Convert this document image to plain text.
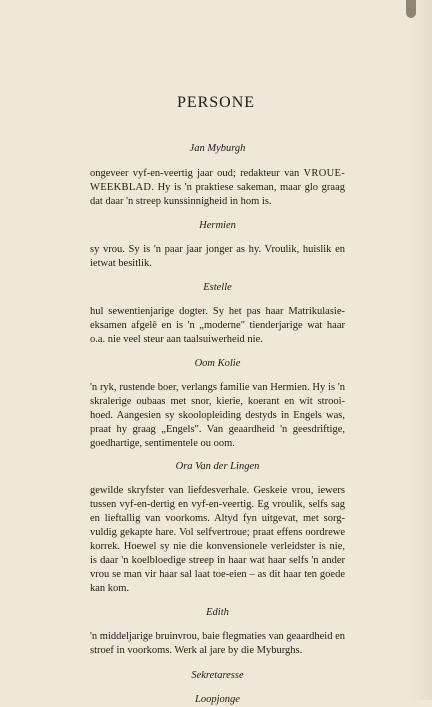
PERSONE
Jan Myburgh
ongeveer vyf-en-veertig jaar oud; redakteur van VROUE-WEEKBLAD. Hy is 'n praktiese sakeman, maar glo graag dat daar 'n streep kunssinnigheid in hom is.
Hermien
sy vrou. Sy is 'n paar jaar jonger as hy. Vroulik, huislik en ietwat besitlik.
Estelle
hul sewentienjarige dogter. Sy het pas haar Matrikulasie-eksamen afgelê en is 'n „moderne" tienderjarige wat haar o.a. nie veel steur aan taalsuiwerheid nie.
Oom Kolie
'n ryk, rustende boer, verlangs familie van Hermien. Hy is 'n skralerige oubaas met snor, kierie, koerant en wit strooi-hoed. Aangesien sy skoolopleiding destyds in Engels was, praat hy graag „Engels". Van geaardheid 'n geesdriftige, goedhartige, sentimentele ou oom.
Ora Van der Lingen
gewilde skryfster van liefdesverhale. Geskeie vrou, iewers tussen vyf-en-dertig en vyf-en-veertig. Eg vroulik, selfs sag en lieftallig van voorkoms. Altyd fyn uitgevat, met sorg-vuldig gekapte hare. Vol selfvertroue; praat effens oordrewe korrek. Hoewel sy nie die konvensionele verleidster is nie, is daar 'n koelbloedige streep in haar wat haar selfs 'n ander vrou se man vir haar sal laat toe-eien – as dit haar ten goede kan kom.
Edith
'n middeljarige bruinvrou, baie flegmaties van geaardheid en stroef in voorkoms. Werk al jare by die Myburghs.
Sekretaresse
Loopjonge
